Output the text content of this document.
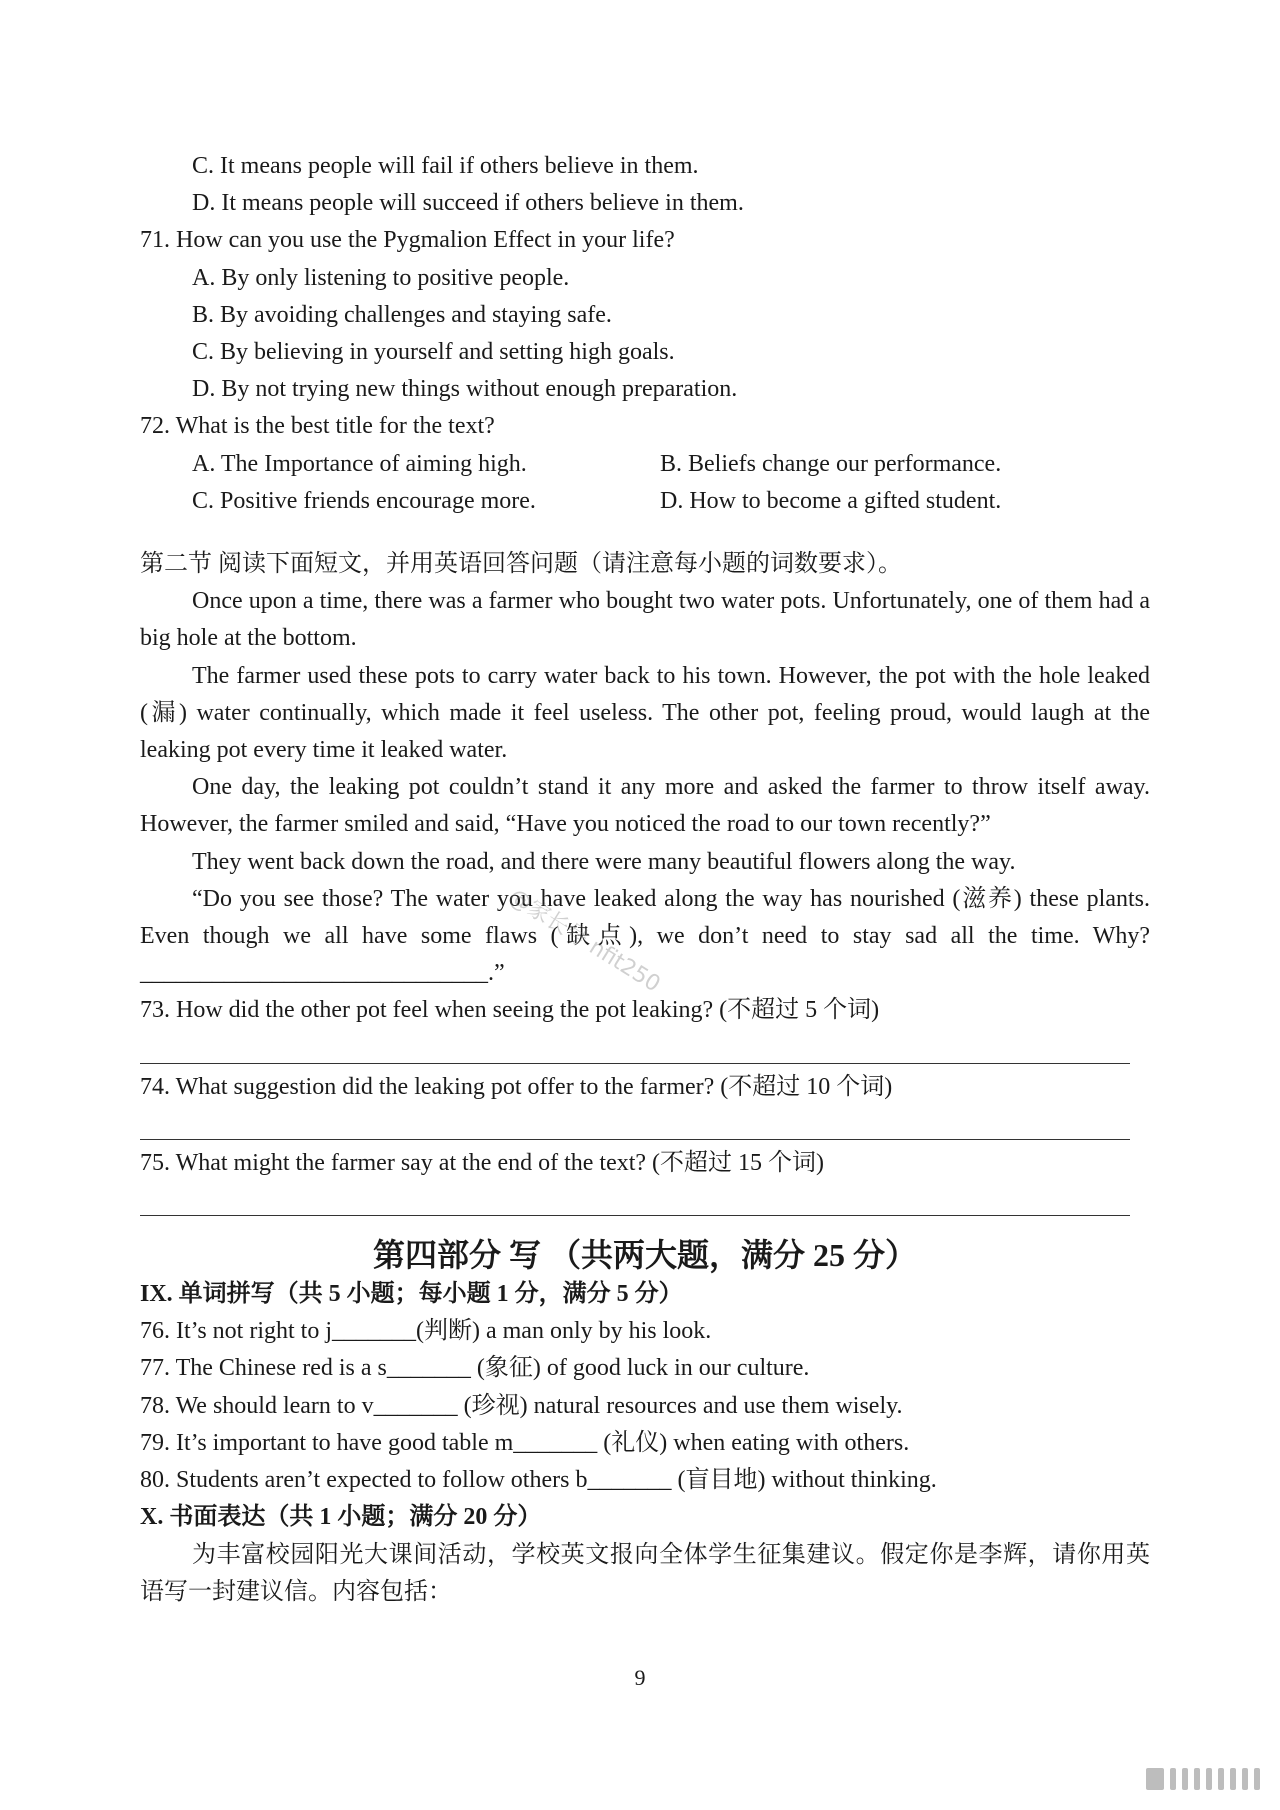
C. It means people will fail if others believe in them.
D. It means people will succeed if others believe in them.
71. How can you use the Pygmalion Effect in your life?
A. By only listening to positive people.
B. By avoiding challenges and staying safe.
C. By believing in yourself and setting high goals.
D. By not trying new things without enough preparation.
72. What is the best title for the text?
A. The Importance of aiming high.	B. Beliefs change our performance.
C. Positive friends encourage more.	D. How to become a gifted student.
第二节 阅读下面短文，并用英语回答问题（请注意每小题的词数要求）。
Once upon a time, there was a farmer who bought two water pots. Unfortunately, one of them had a big hole at the bottom.
The farmer used these pots to carry water back to his town. However, the pot with the hole leaked (漏) water continually, which made it feel useless. The other pot, feeling proud, would laugh at the leaking pot every time it leaked water.
One day, the leaking pot couldn’t stand it any more and asked the farmer to throw itself away. However, the farmer smiled and said, “Have you noticed the road to our town recently?”
They went back down the road, and there were many beautiful flowers along the way.
“Do you see those? The water you have leaked along the way has nourished (滋养) these plants. Even though we all have some flaws (缺点), we don’t need to stay sad all the time. Why?_____________________________.”
73. How did the other pot feel when seeing the pot leaking? (不超过 5 个词)
74. What suggestion did the leaking pot offer to the farmer? (不超过 10 个词)
75. What might the farmer say at the end of the text? (不超过 15 个词)
第四部分 写 （共两大题，满分 25 分）
IX. 单词拼写（共 5 小题；每小题 1 分，满分 5 分）
76. It’s not right to j_______(判断) a man only by his look.
77. The Chinese red is a s_______ (象征) of good luck in our culture.
78. We should learn to v_______ (珍视) natural resources and use them wisely.
79. It’s important to have good table m_______ (礼仪) when eating with others.
80. Students aren’t expected to follow others b_______ (盲目地) without thinking.
X. 书面表达（共 1 小题；满分 20 分）
为丰富校园阳光大课间活动，学校英文报向全体学生征集建议。假定你是李辉，请你用英语写一封建议信。内容包括：
@家长号 nfit250
9
